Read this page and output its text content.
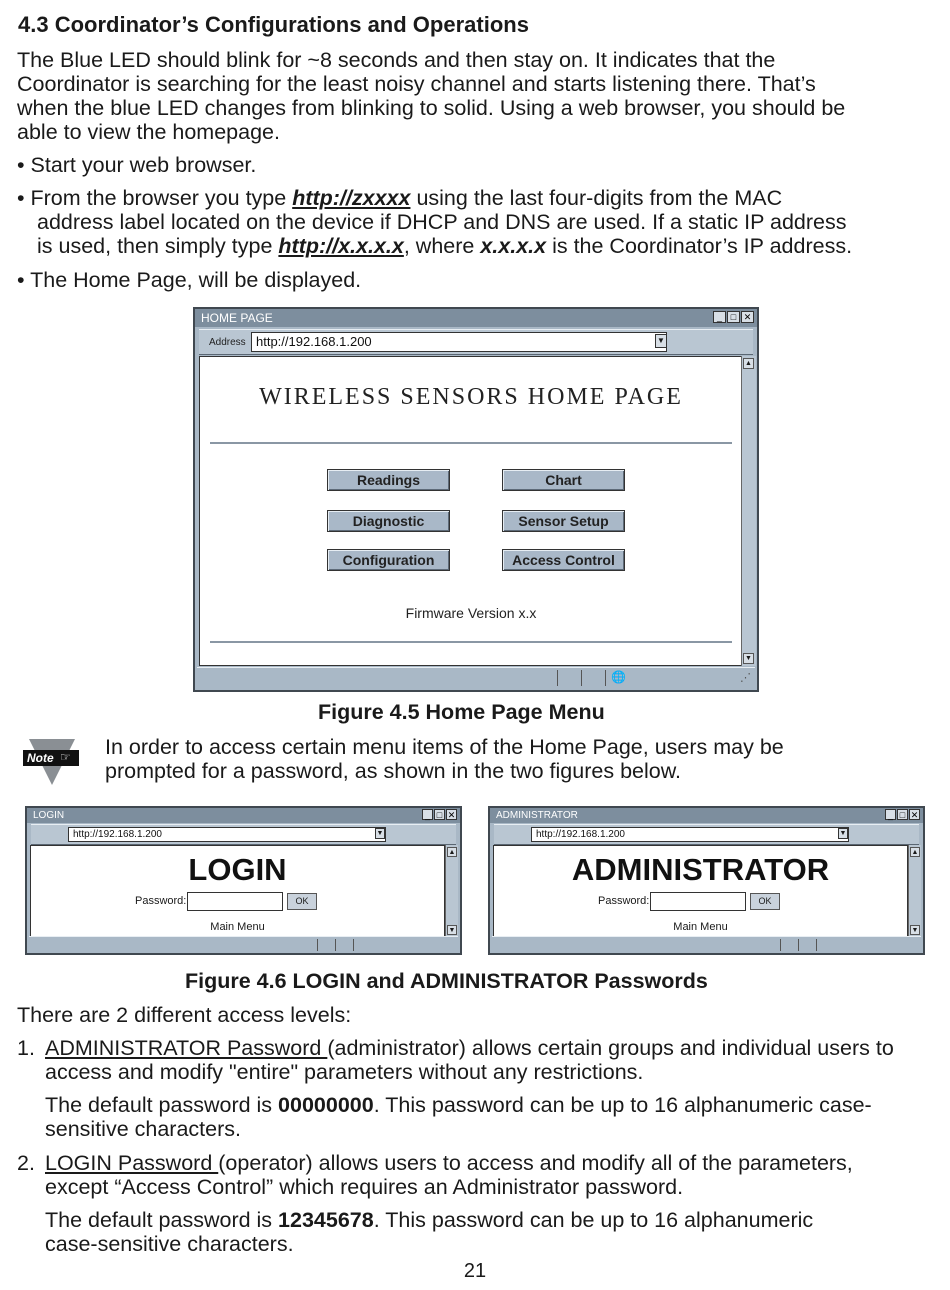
4.3 Coordinator’s Configurations and Operations
The Blue LED should blink for ~8 seconds and then stay on. It indicates that the
Coordinator is searching for the least noisy channel and starts listening there. That’s
when the blue LED changes from blinking to solid. Using a web browser, you should be
able to view the homepage.
• Start your web browser.
• From the browser you type http://zxxxx using the last four-digits from the MAC
address label located on the device if DHCP and DNS are used. If a static IP address
is used, then simply type http://x.x.x.x, where x.x.x.x is the Coordinator’s IP address.
• The Home Page, will be displayed.
HOME PAGE	_ □ ✕
Address http://192.168.1.200	▼
WIRELESS SENSORS HOME PAGE
Readings	Chart
Diagnostic	Sensor Setup
Configuration	Access Control
Firmware Version x.x
▲
▼
🌐	⋰
Figure 4.5 Home Page Menu
Note ☞ In order to access certain menu items of the Home Page, users may be
prompted for a password, as shown in the two figures below.
LOGIN	_ □ ✕
http://192.168.1.200	▼
LOGIN
Password:	OK
Main Menu
▲
▼
ADMINISTRATOR	_ □ ✕
http://192.168.1.200	▼
ADMINISTRATOR
Password:	OK
Main Menu
▲
▼
Figure 4.6 LOGIN and ADMINISTRATOR Passwords
There are 2 different access levels:
1. ADMINISTRATOR Password (administrator) allows certain groups and individual users to
access and modify "entire" parameters without any restrictions.
The default password is 00000000. This password can be up to 16 alphanumeric case-
sensitive characters.
2. LOGIN Password (operator) allows users to access and modify all of the parameters,
except “Access Control” which requires an Administrator password.
The default password is 12345678. This password can be up to 16 alphanumeric
case-sensitive characters.
21
